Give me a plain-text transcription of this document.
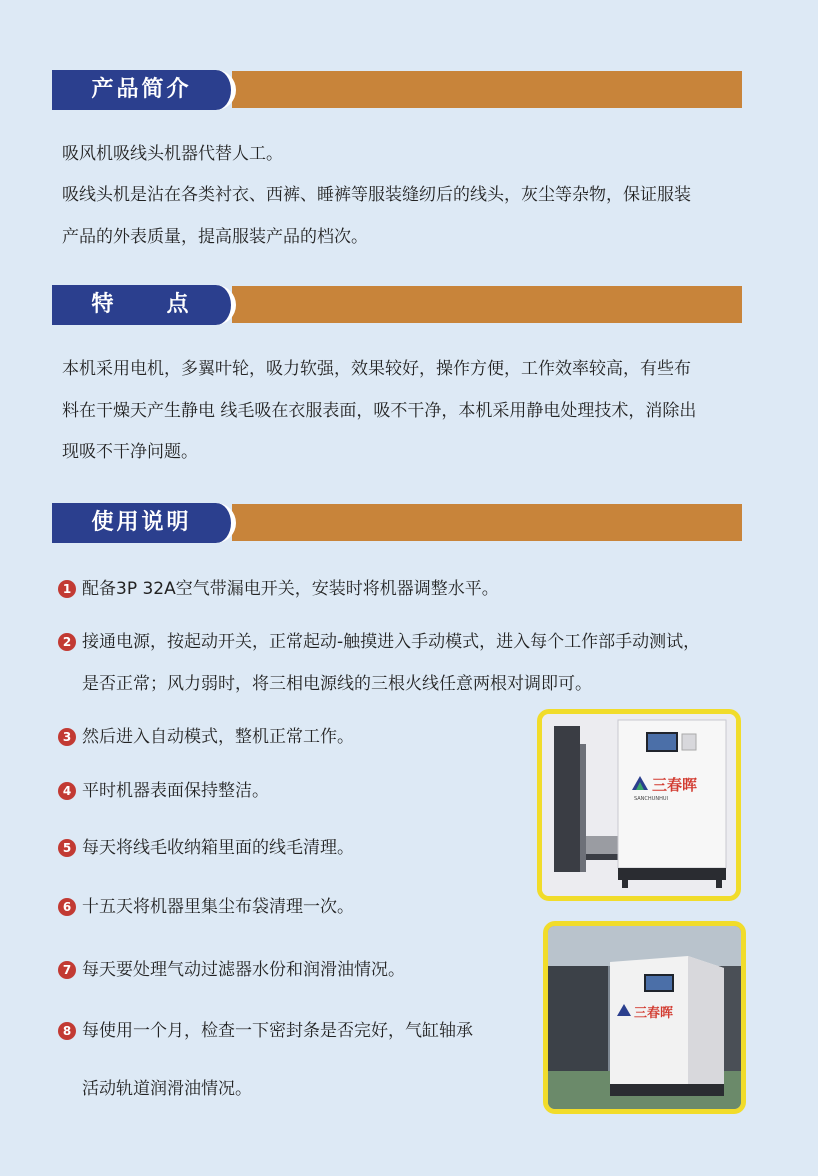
产品简介

吸风机吸线头机器代替人工。

吸线头机是沾在各类衬衣、西裤、睡裤等服装缝纫后的线头，灰尘等杂物，保证服装

产品的外表质量，提高服装产品的档次。

特　　点

本机采用电机，多翼叶轮，吸力软强，效果较好，操作方便，工作效率较高，有些布

料在干燥天产生静电 线毛吸在衣服表面，吸不干净，本机采用静电处理技术，消除出

现吸不干净问题。

使用说明
1 配备3P 32A空气带漏电开关，安装时将机器调整水平。
2 接通电源，按起动开关，正常起动-触摸进入手动模式，进入每个工作部手动测试，
是否正常；风力弱时，将三相电源线的三根火线任意两根对调即可。
3 然后进入自动模式，整机正常工作。
4 平时机器表面保持整洁。
5 每天将线毛收纳箱里面的线毛清理。
6 十五天将机器里集尘布袋清理一次。
7 每天要处理气动过滤器水份和润滑油情况。
8 每使用一个月，检查一下密封条是否完好，气缸轴承
活动轨道润滑油情况。
三春晖
SANCHUNHUI
三春晖
